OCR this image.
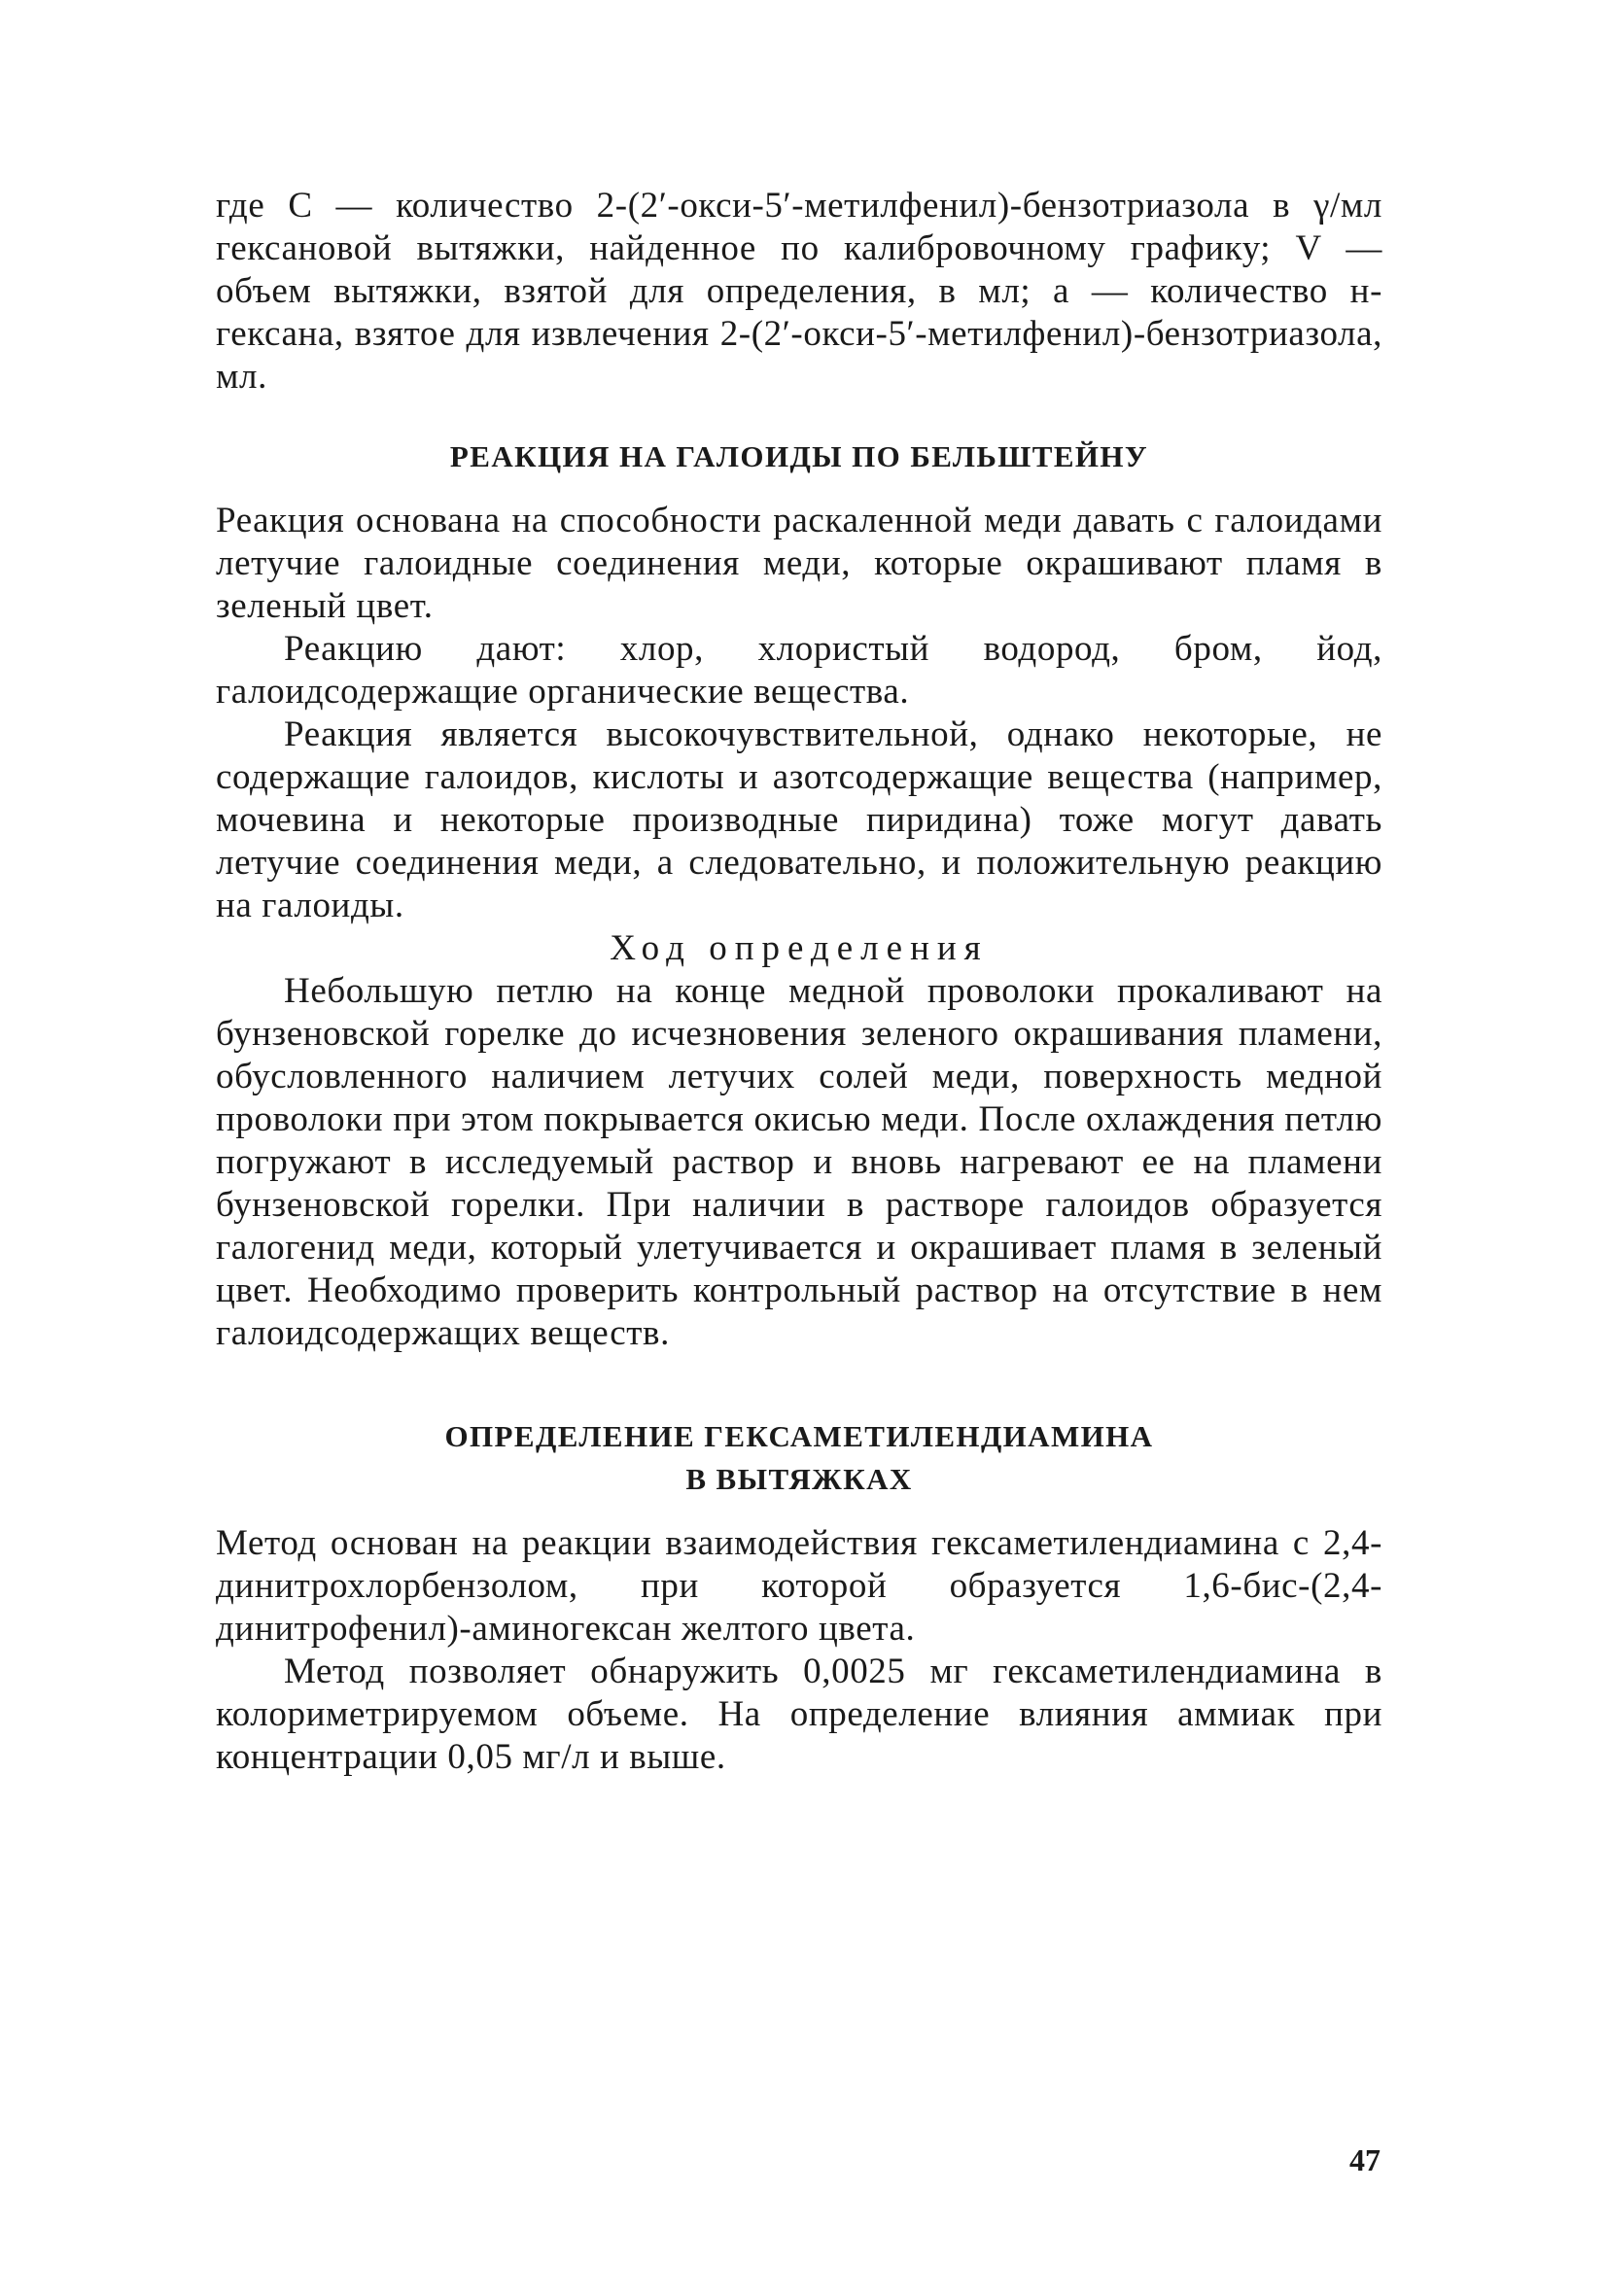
где C — количество 2-(2′-окси-5′-метилфенил)-бензотриазола в γ/мл гексановой вытяжки, найденное по калибровочному графику; V — объем вытяжки, взятой для определения, в мл; a — количество н-гексана, взятое для извлечения 2-(2′-окси-5′-метилфенил)-бензотриазола, мл.

РЕАКЦИЯ НА ГАЛОИДЫ ПО БЕЛЬШТЕЙНУ

Реакция основана на способности раскаленной меди давать с галоидами летучие галоидные соединения меди, которые окрашивают пламя в зеленый цвет.

Реакцию дают: хлор, хлористый водород, бром, йод, галоидсодержащие органические вещества.

Реакция является высокочувствительной, однако некоторые, не содержащие галоидов, кислоты и азотсодержащие вещества (например, мочевина и некоторые производные пиридина) тоже могут давать летучие соединения меди, а следовательно, и положительную реакцию на галоиды.

Ход определения

Небольшую петлю на конце медной проволоки прокаливают на бунзеновской горелке до исчезновения зеленого окрашивания пламени, обусловленного наличием летучих солей меди, поверхность медной проволоки при этом покрывается окисью меди. После охлаждения петлю погружают в исследуемый раствор и вновь нагревают ее на пламени бунзеновской горелки. При наличии в растворе галоидов образуется галогенид меди, который улетучивается и окрашивает пламя в зеленый цвет. Необходимо проверить контрольный раствор на отсутствие в нем галоидсодержащих веществ.

ОПРЕДЕЛЕНИЕ ГЕКСАМЕТИЛЕНДИАМИНА

В ВЫТЯЖКАХ

Метод основан на реакции взаимодействия гексаметилендиамина с 2,4-динитрохлорбензолом, при которой образуется 1,6-бис-(2,4-динитрофенил)-аминогексан желтого цвета.

Метод позволяет обнаружить 0,0025 мг гексаметилендиамина в колориметрируемом объеме. На определение влияния аммиак при концентрации 0,05 мг/л и выше.

47
